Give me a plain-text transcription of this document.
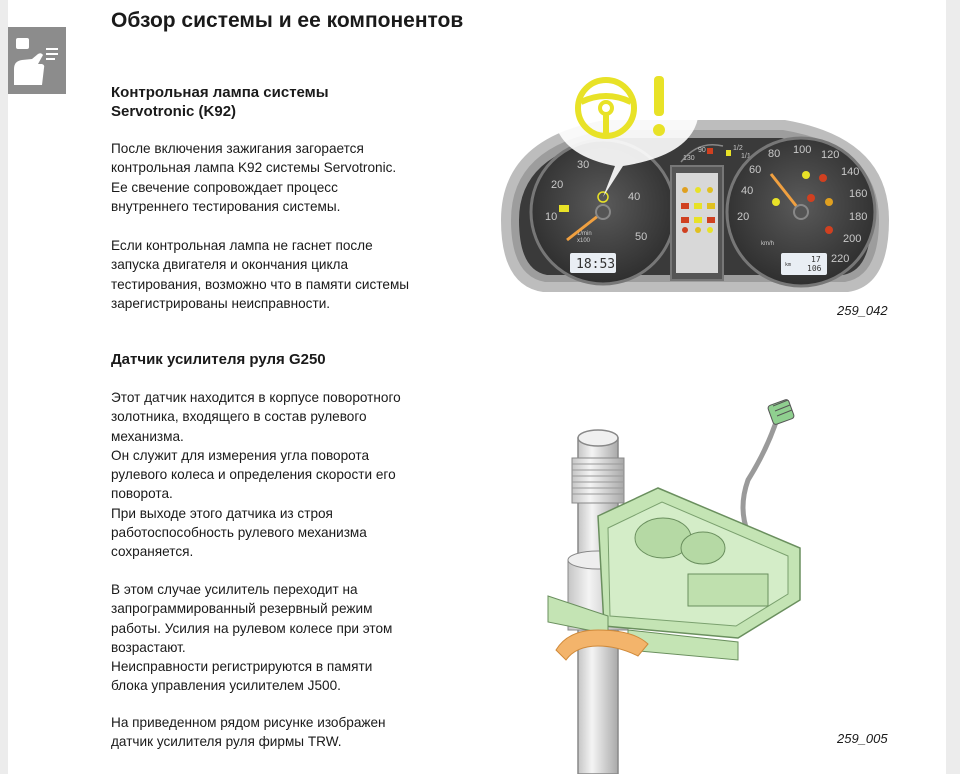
Обзор системы и ее компонентов
Контрольная лампа системы
Servotronic (K92)

После включения зажигания загорается
контрольная лампа K92 системы Servotronic.
Ее свечение сопровождает процесс
внутреннего тестирования системы.

Если контрольная лампа не гаснет после
запуска двигателя и окончания цикла
тестирования, возможно что в памяти системы
зарегистрированы неисправности.

Датчик усилителя руля G250

Этот датчик находится в корпусе поворотного
золотника, входящего в состав рулевого
механизма.
Он служит для измерения угла поворота
рулевого колеса и определения скорости его
поворота.
При выходе этого датчика из строя
работоспособность рулевого механизма
сохраняется.

В этом случае усилитель переходит на
запрограммированный резервный режим
работы. Усилия на рулевом колесе при этом
возрастают.
Неисправности регистрируются в памяти
блока управления усилителем J500.

На приведенном рядом рисунке изображен
датчик усилителя руля фирмы TRW.

10
20
30
40
50
1/min
x100
18:53
130
90
1/1
1/2
20
40
60
80 100 120
140
160
180
200
220
km/h
km
17
106
259_042
259_005
